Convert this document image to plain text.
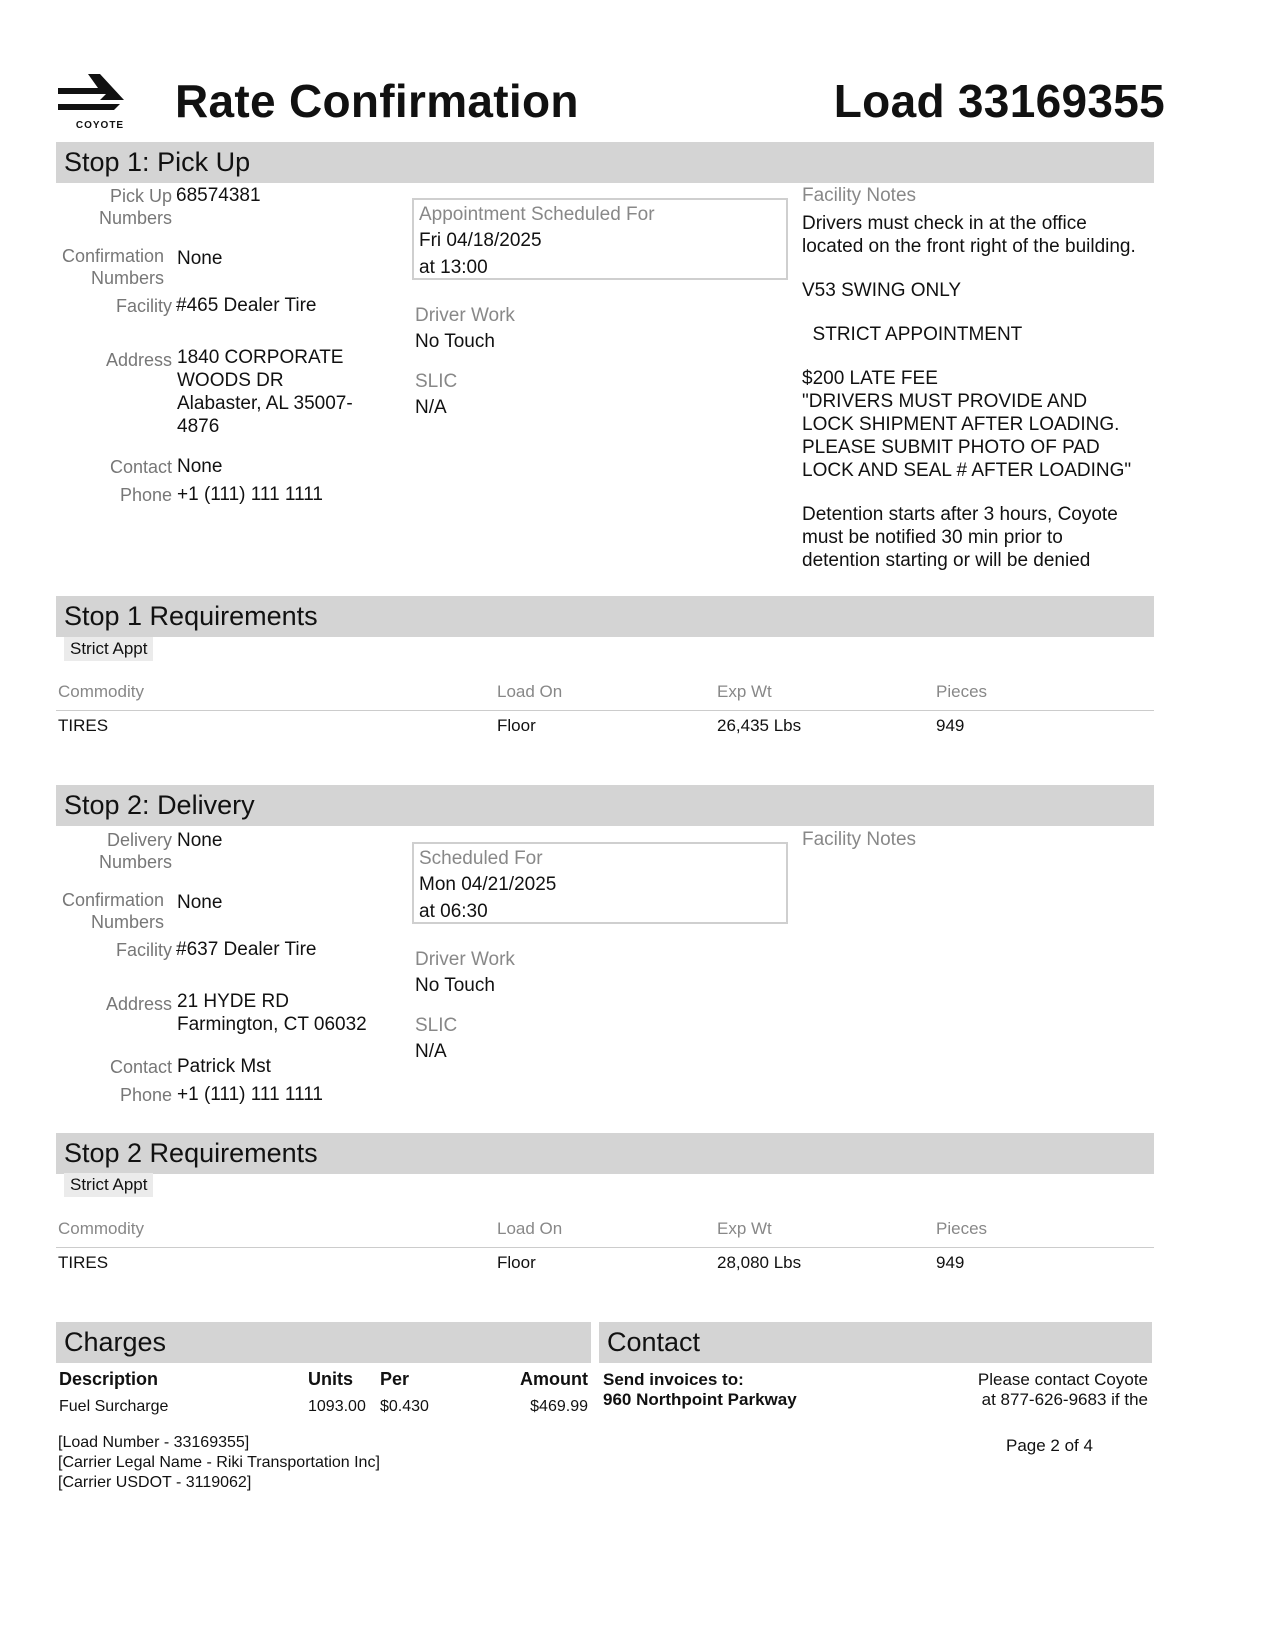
COYOTE	Rate Confirmation	Load 33169355
Stop 1: Pick Up
Pick Up
Numbers
68574381
Confirmation
Numbers
None
Facility #465 Dealer Tire
Address 1840 CORPORATE
WOODS DR
Alabaster, AL 35007-
4876
Contact None
Phone +1 (111) 111 1111
Appointment Scheduled For
Fri 04/18/2025
at 13:00
Driver Work
No Touch
SLIC
N/A
Facility Notes

Drivers must check in at the office

located on the front right of the building.

V53 SWING ONLY

STRICT APPOINTMENT

$200 LATE FEE

"DRIVERS MUST PROVIDE AND

LOCK SHIPMENT AFTER LOADING.

PLEASE SUBMIT PHOTO OF PAD

LOCK AND SEAL # AFTER LOADING"

Detention starts after 3 hours, Coyote

must be notified 30 min prior to

detention starting or will be denied

Stop 1 Requirements
Strict Appt
Commodity	Load On	Exp Wt	Pieces
TIRES	Floor	26,435 Lbs	949
Stop 2: Delivery
Delivery
Numbers
None
Confirmation
Numbers
None
Facility #637 Dealer Tire
Address 21 HYDE RD
Farmington, CT 06032
Contact Patrick Mst
Phone +1 (111) 111 1111
Scheduled For
Mon 04/21/2025
at 06:30
Driver Work
No Touch
SLIC
N/A
Facility Notes
Stop 2 Requirements
Strict Appt
Commodity	Load On	Exp Wt	Pieces
TIRES	Floor	28,080 Lbs	949
Charges
Description	Units Per	Amount
Fuel Surcharge	1093.00 $0.430	$469.99
Contact
Send invoices to:
960 Northpoint Parkway
Please contact Coyote
at 877-626-9683 if the
[Load Number - 33169355]
[Carrier Legal Name - Riki Transportation Inc]
[Carrier USDOT - 3119062]
Page 2 of 4
